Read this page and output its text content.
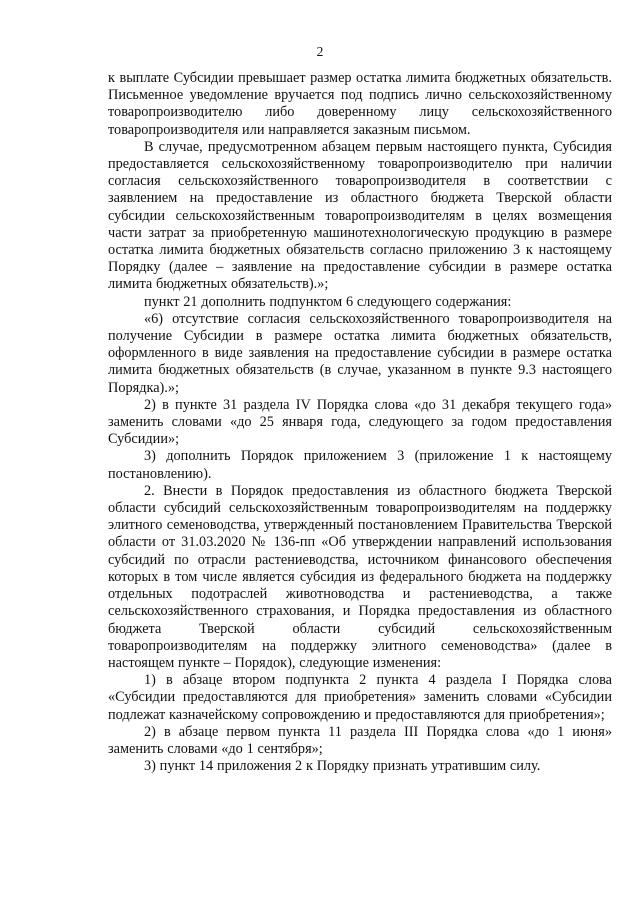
2

к выплате Субсидии превышает размер остатка лимита бюджетных обязательств. Письменное уведомление вручается под подпись лично сельскохозяйственному товаропроизводителю либо доверенному лицу сельскохозяйственного товаропроизводителя или направляется заказным письмом.

В случае, предусмотренном абзацем первым настоящего пункта, Субсидия предоставляется сельскохозяйственному товаропроизводителю при наличии согласия сельскохозяйственного товаропроизводителя в соответствии с заявлением на предоставление из областного бюджета Тверской области субсидии сельскохозяйственным товаропроизводителям в целях возмещения части затрат за приобретенную машинотехнологическую продукцию в размере остатка лимита бюджетных обязательств согласно приложению 3 к настоящему Порядку (далее – заявление на предоставление субсидии в размере остатка лимита бюджетных обязательств).»;

пункт 21 дополнить подпунктом 6 следующего содержания:

«6) отсутствие согласия сельскохозяйственного товаропроизводителя на получение Субсидии в размере остатка лимита бюджетных обязательств, оформленного в виде заявления на предоставление субсидии в размере остатка лимита бюджетных обязательств (в случае, указанном в пункте 9.3 настоящего Порядка).»;

2) в пункте 31 раздела IV Порядка слова «до 31 декабря текущего года» заменить словами «до 25 января года, следующего за годом предоставления Субсидии»;

3) дополнить Порядок приложением 3 (приложение 1 к настоящему постановлению).

2. Внести в Порядок предоставления из областного бюджета Тверской области субсидий сельскохозяйственным товаропроизводителям на поддержку элитного семеноводства, утвержденный постановлением Правительства Тверской области от 31.03.2020 № 136-пп «Об утверждении направлений использования субсидий по отрасли растениеводства, источником финансового обеспечения которых в том числе является субсидия из федерального бюджета на поддержку отдельных подотраслей животноводства и растениеводства, а также сельскохозяйственного страхования, и Порядка предоставления из областного бюджета Тверской области субсидий сельскохозяйственным товаропроизводителям на поддержку элитного семеноводства» (далее в настоящем пункте – Порядок), следующие изменения:

1) в абзаце втором подпункта 2 пункта 4 раздела I Порядка слова «Субсидии предоставляются для приобретения» заменить словами «Субсидии подлежат казначейскому сопровождению и предоставляются для приобретения»;

2) в абзаце первом пункта 11 раздела III Порядка слова «до 1 июня» заменить словами «до 1 сентября»;

3) пункт 14 приложения 2 к Порядку признать утратившим силу.
